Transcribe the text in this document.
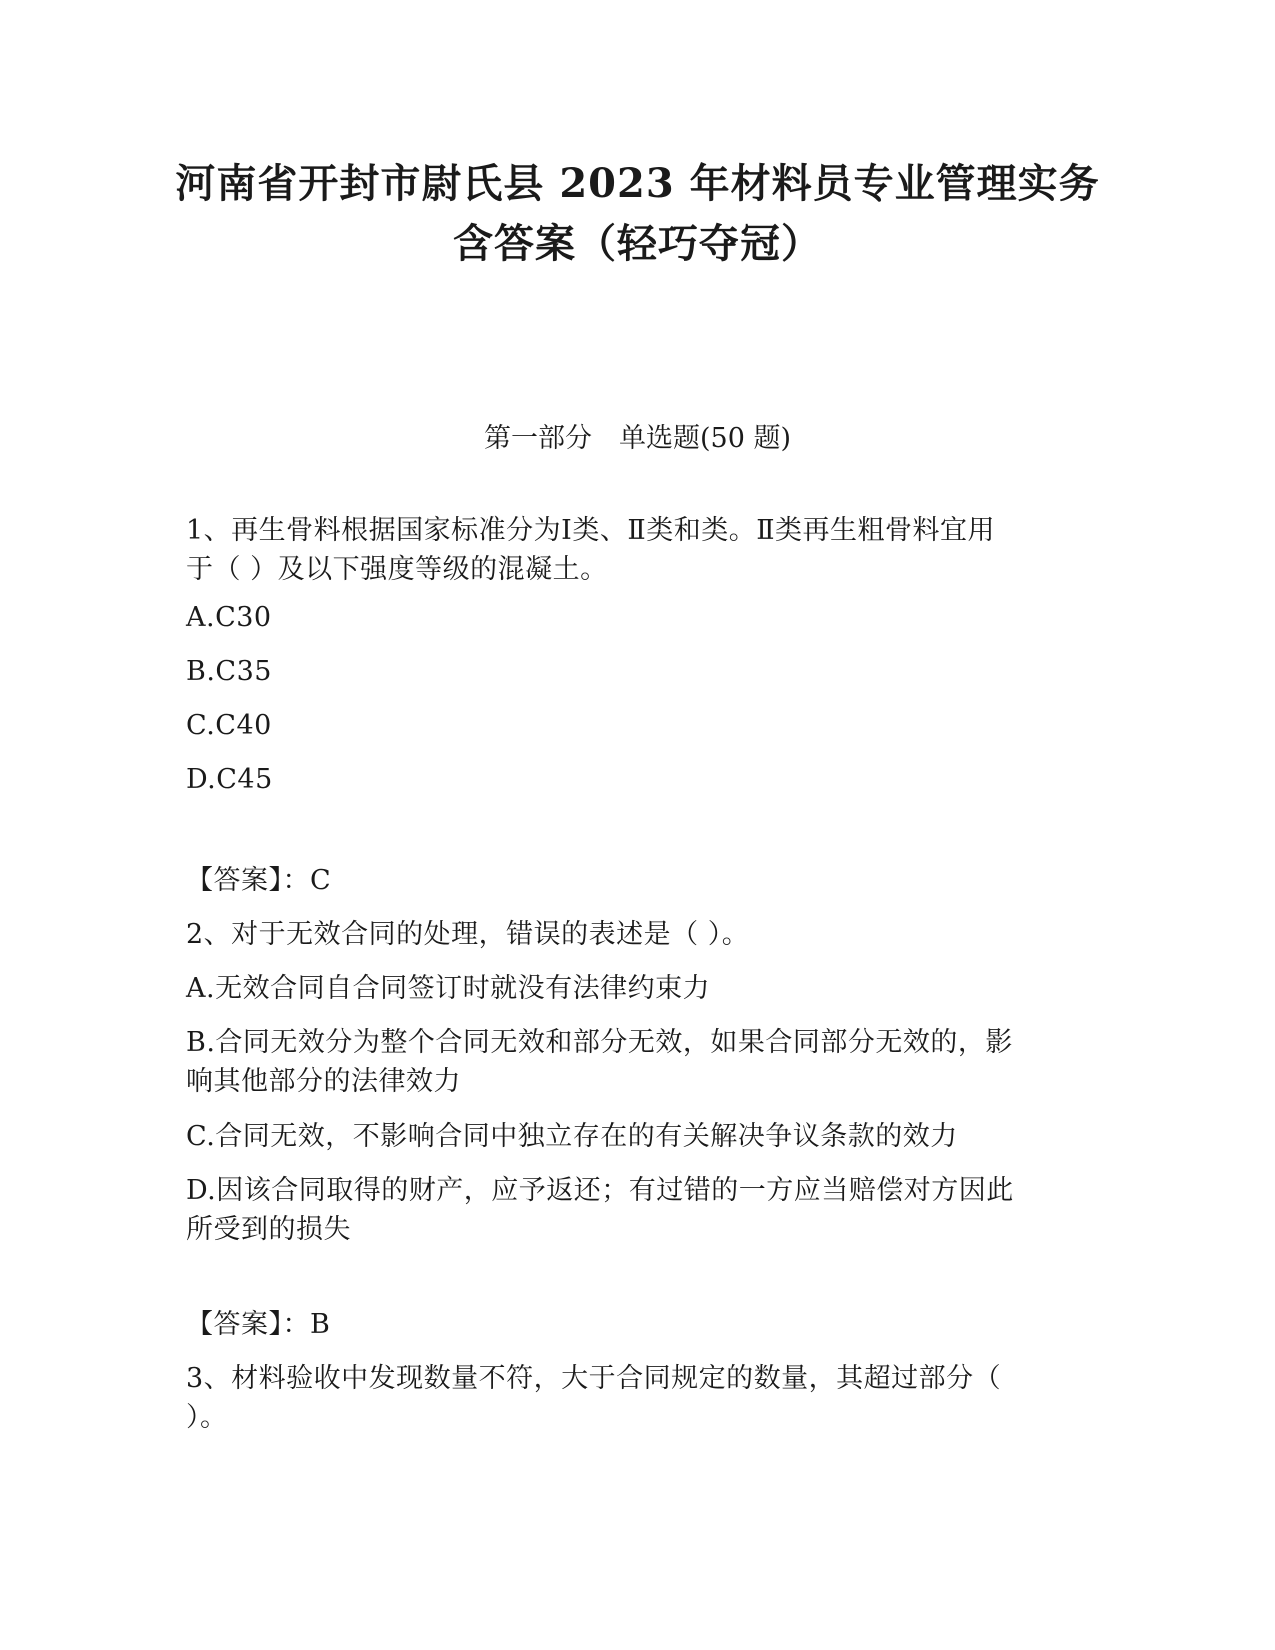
河南省开封市尉氏县 2023 年材料员专业管理实务
含答案（轻巧夺冠）
第一部分　单选题(50 题)
1、再生骨料根据国家标准分为Ⅰ类、Ⅱ类和类。Ⅱ类再生粗骨料宜用
于（ ）及以下强度等级的混凝土。
A.C30
B.C35
C.C40
D.C45
【答案】：C
2、对于无效合同的处理，错误的表述是（ ）。
A.无效合同自合同签订时就没有法律约束力
B.合同无效分为整个合同无效和部分无效，如果合同部分无效的，影
响其他部分的法律效力
C.合同无效，不影响合同中独立存在的有关解决争议条款的效力
D.因该合同取得的财产，应予返还；有过错的一方应当赔偿对方因此
所受到的损失
【答案】：B
3、材料验收中发现数量不符，大于合同规定的数量，其超过部分（
）。
